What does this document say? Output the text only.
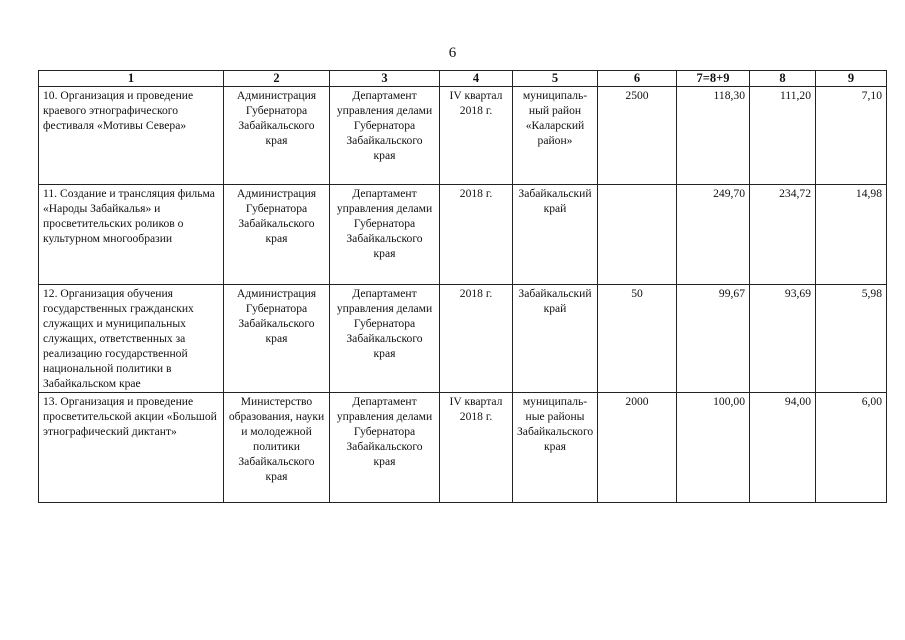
6
1	2	3	4	5	6	7=8+9	8	9
10. Организация и проведение краевого этнографического фестиваля «Мотивы Севера»	Администрация Губернатора Забайкальского края	Департамент управления делами Губернатора Забайкальского края	IV квартал 2018 г.	муниципаль-ный район «Каларский район»	2500	118,30	111,20	7,10
11. Создание и трансляция фильма «Народы Забайкалья» и просветительских роликов о культурном многообразии	Администрация Губернатора Забайкальского края	Департамент управления делами Губернатора Забайкальского края	2018 г.	Забайкальский край		249,70	234,72	14,98
12. Организация обучения государственных гражданских служащих и муниципальных служащих, ответственных за реализацию государственной национальной политики в Забайкальском крае	Администрация Губернатора Забайкальского края	Департамент управления делами Губернатора Забайкальского края	2018 г.	Забайкальский край	50	99,67	93,69	5,98
13. Организация и проведение просветительской акции «Большой этнографический диктант»	Министерство образования, науки и молодежной политики Забайкальского края	Департамент управления делами Губернатора Забайкальского края	IV квартал 2018 г.	муниципаль-ные районы Забайкальского края	2000	100,00	94,00	6,00
